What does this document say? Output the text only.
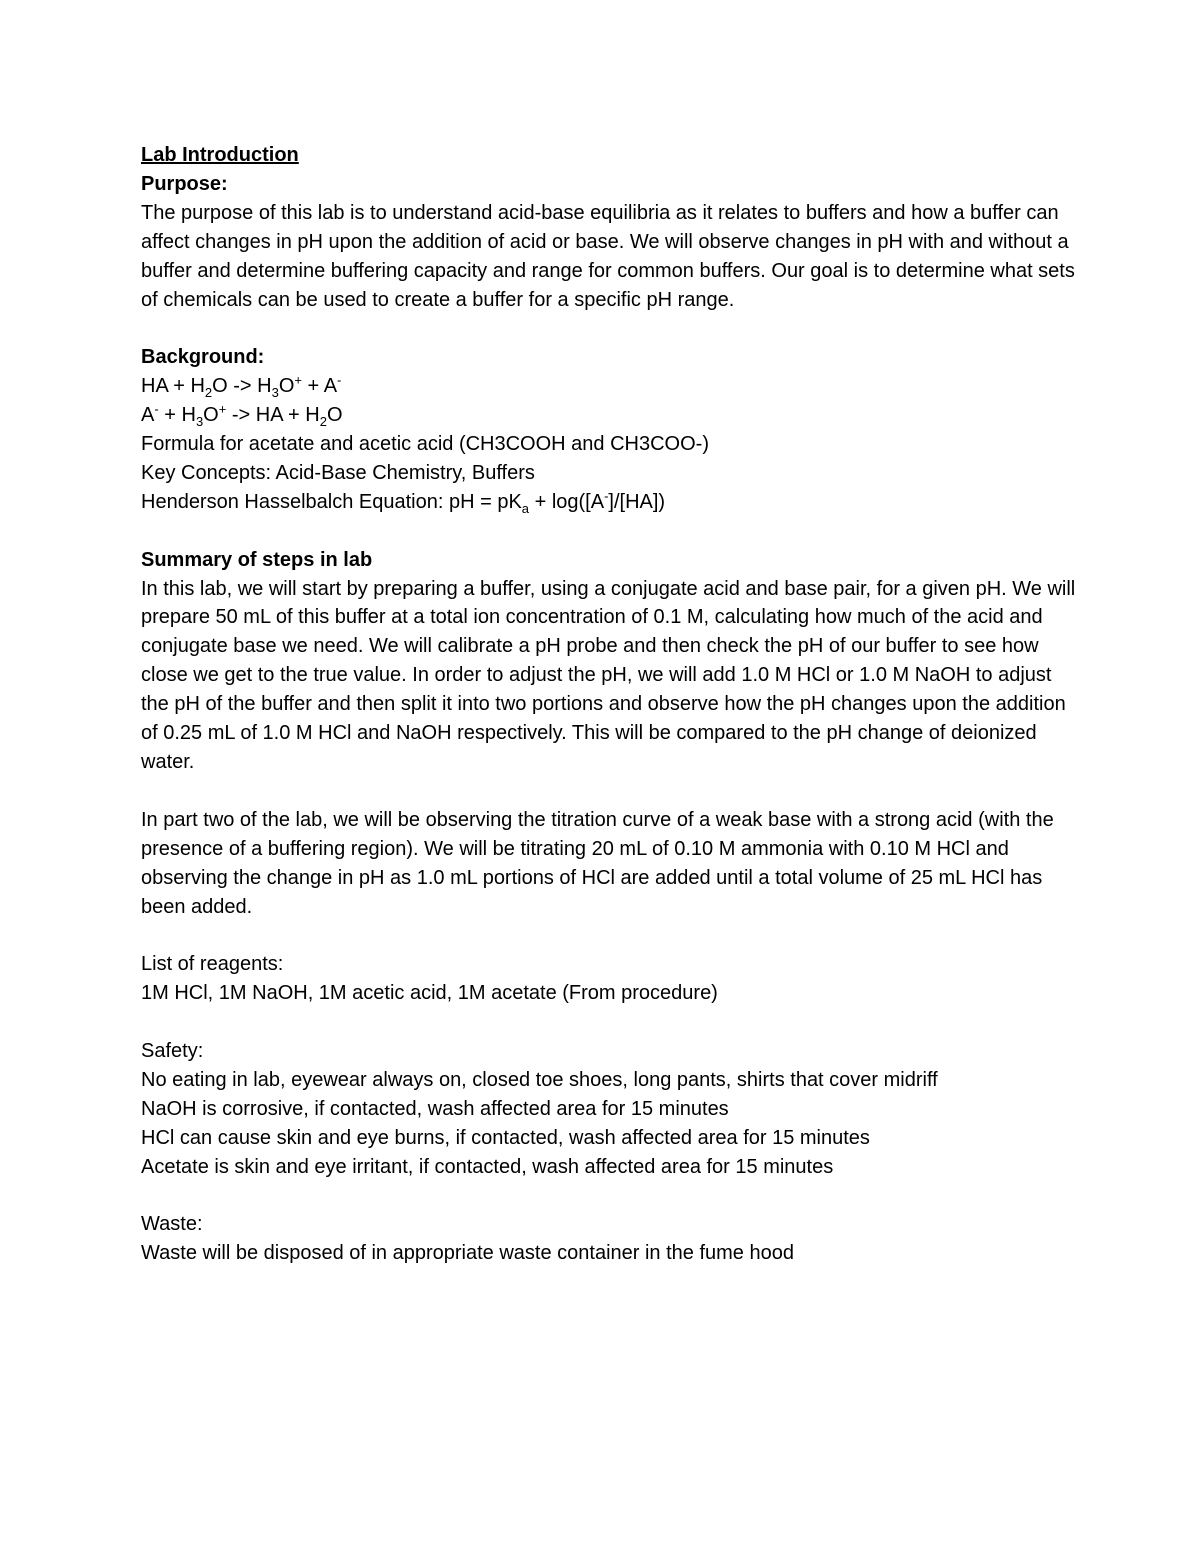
Lab Introduction
Purpose:
The purpose of this lab is to understand acid-base equilibria as it relates to buffers and how a buffer can affect changes in pH upon the addition of acid or base. We will observe changes in pH with and without a buffer and determine buffering capacity and range for common buffers. Our goal is to determine what sets of chemicals can be used to create a buffer for a specific pH range.
Background:
HA + $H_2O -> H_3O^+ + A^-$
$A^- + H_3O^+$ -> HA + $H_2O$
Formula for acetate and acetic acid (CH3COOH and CH3COO-)
Key Concepts: Acid-Base Chemistry, Buffers
Henderson Hasselbalch Equation: pH = $pK_a + \log([A^-]/[HA])$
Summary of steps in lab
In this lab, we will start by preparing a buffer, using a conjugate acid and base pair, for a given pH. We will prepare 50 mL of this buffer at a total ion concentration of 0.1 M, calculating how much of the acid and conjugate base we need. We will calibrate a pH probe and then check the pH of our buffer to see how close we get to the true value. In order to adjust the pH, we will add 1.0 M HCl or 1.0 M NaOH to adjust the pH of the buffer and then split it into two portions and observe how the pH changes upon the addition of 0.25 mL of 1.0 M HCl and NaOH respectively. This will be compared to the pH change of deionized water.
In part two of the lab, we will be observing the titration curve of a weak base with a strong acid (with the presence of a buffering region). We will be titrating 20 mL of 0.10 M ammonia with 0.10 M HCl and observing the change in pH as 1.0 mL portions of HCl are added until a total volume of 25 mL HCl has been added.
List of reagents:
1M HCl, 1M NaOH, 1M acetic acid, 1M acetate (From procedure)
Safety:
No eating in lab, eyewear always on, closed toe shoes, long pants, shirts that cover midriff
NaOH is corrosive, if contacted, wash affected area for 15 minutes
HCl can cause skin and eye burns, if contacted, wash affected area for 15 minutes
Acetate is skin and eye irritant, if contacted, wash affected area for 15 minutes
Waste:
Waste will be disposed of in appropriate waste container in the fume hood
